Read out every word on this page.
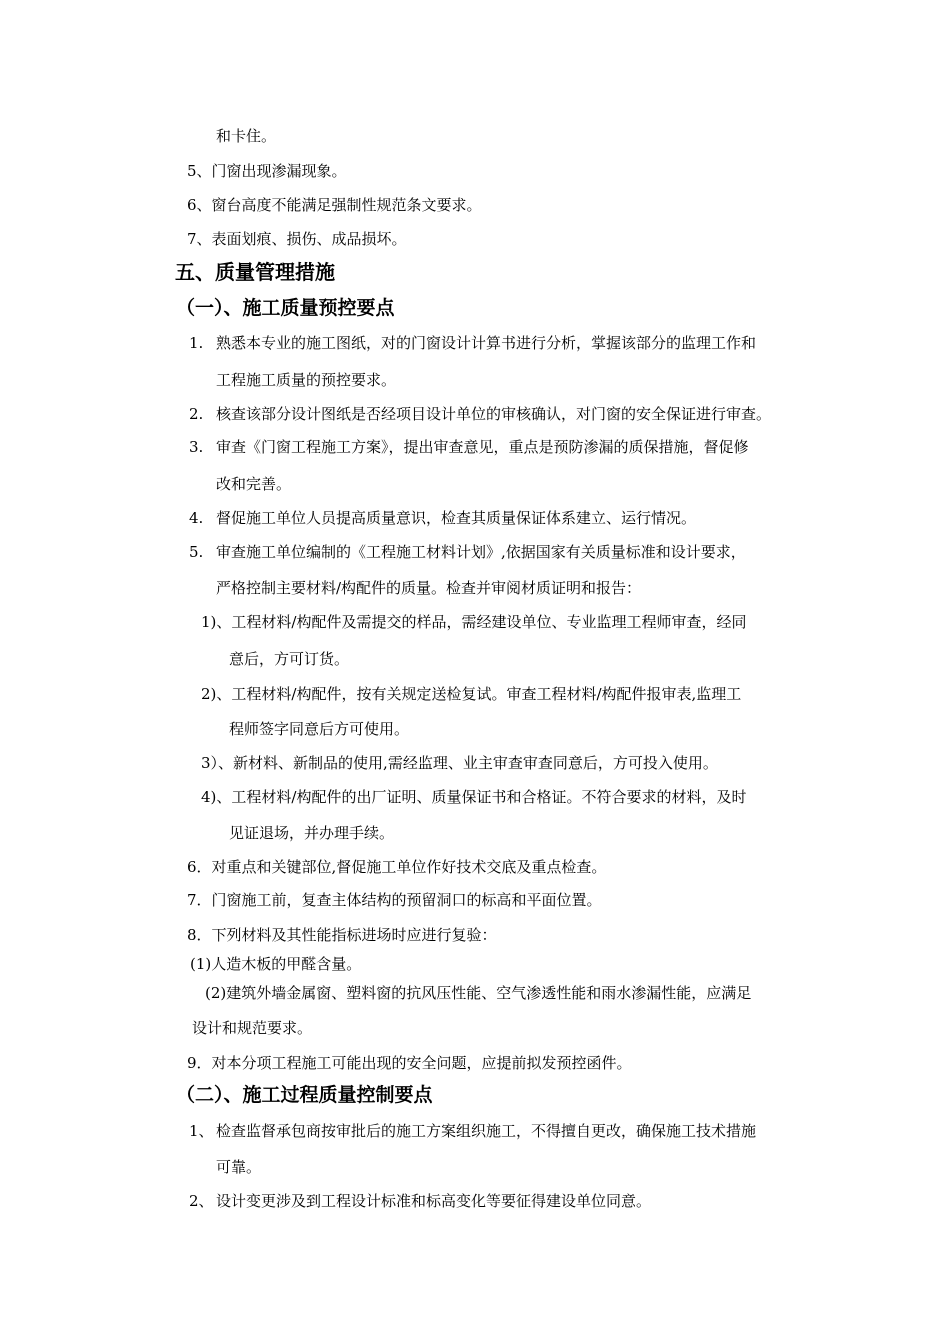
和卡住。
5、门窗出现渗漏现象。
6、窗台高度不能满足强制性规范条文要求。
7、表面划痕、损伤、成品损坏。
五、质量管理措施
（一）、施工质量预控要点
1. 熟悉本专业的施工图纸，对的门窗设计计算书进行分析，掌握该部分的监理工作和
工程施工质量的预控要求。
2. 核查该部分设计图纸是否经项目设计单位的审核确认，对门窗的安全保证进行审查。
3. 审查《门窗工程施工方案》，提出审查意见，重点是预防渗漏的质保措施，督促修
改和完善。
4. 督促施工单位人员提高质量意识，检查其质量保证体系建立、运行情况。
5. 审查施工单位编制的《工程施工材料计划》,依据国家有关质量标准和设计要求，
严格控制主要材料/构配件的质量。检查并审阅材质证明和报告：
1)、工程材料/构配件及需提交的样品，需经建设单位、专业监理工程师审查，经同
意后，方可订货。
2)、工程材料/构配件，按有关规定送检复试。审查工程材料/构配件报审表,监理工
程师签字同意后方可使用。
3）、新材料、新制品的使用,需经监理、业主审查审查同意后，方可投入使用。
4)、工程材料/构配件的出厂证明、质量保证书和合格证。不符合要求的材料，及时
见证退场，并办理手续。
6．对重点和关键部位,督促施工单位作好技术交底及重点检查。
7．门窗施工前，复查主体结构的预留洞口的标高和平面位置。
8．下列材料及其性能指标进场时应进行复验：
(1)人造木板的甲醛含量。
(2)建筑外墙金属窗、塑料窗的抗风压性能、空气渗透性能和雨水渗漏性能，应满足
设计和规范要求。
9．对本分项工程施工可能出现的安全问题，应提前拟发预控函件。
（二）、施工过程质量控制要点
1、 检查监督承包商按审批后的施工方案组织施工，不得擅自更改，确保施工技术措施
可靠。
2、 设计变更涉及到工程设计标准和标高变化等要征得建设单位同意。
